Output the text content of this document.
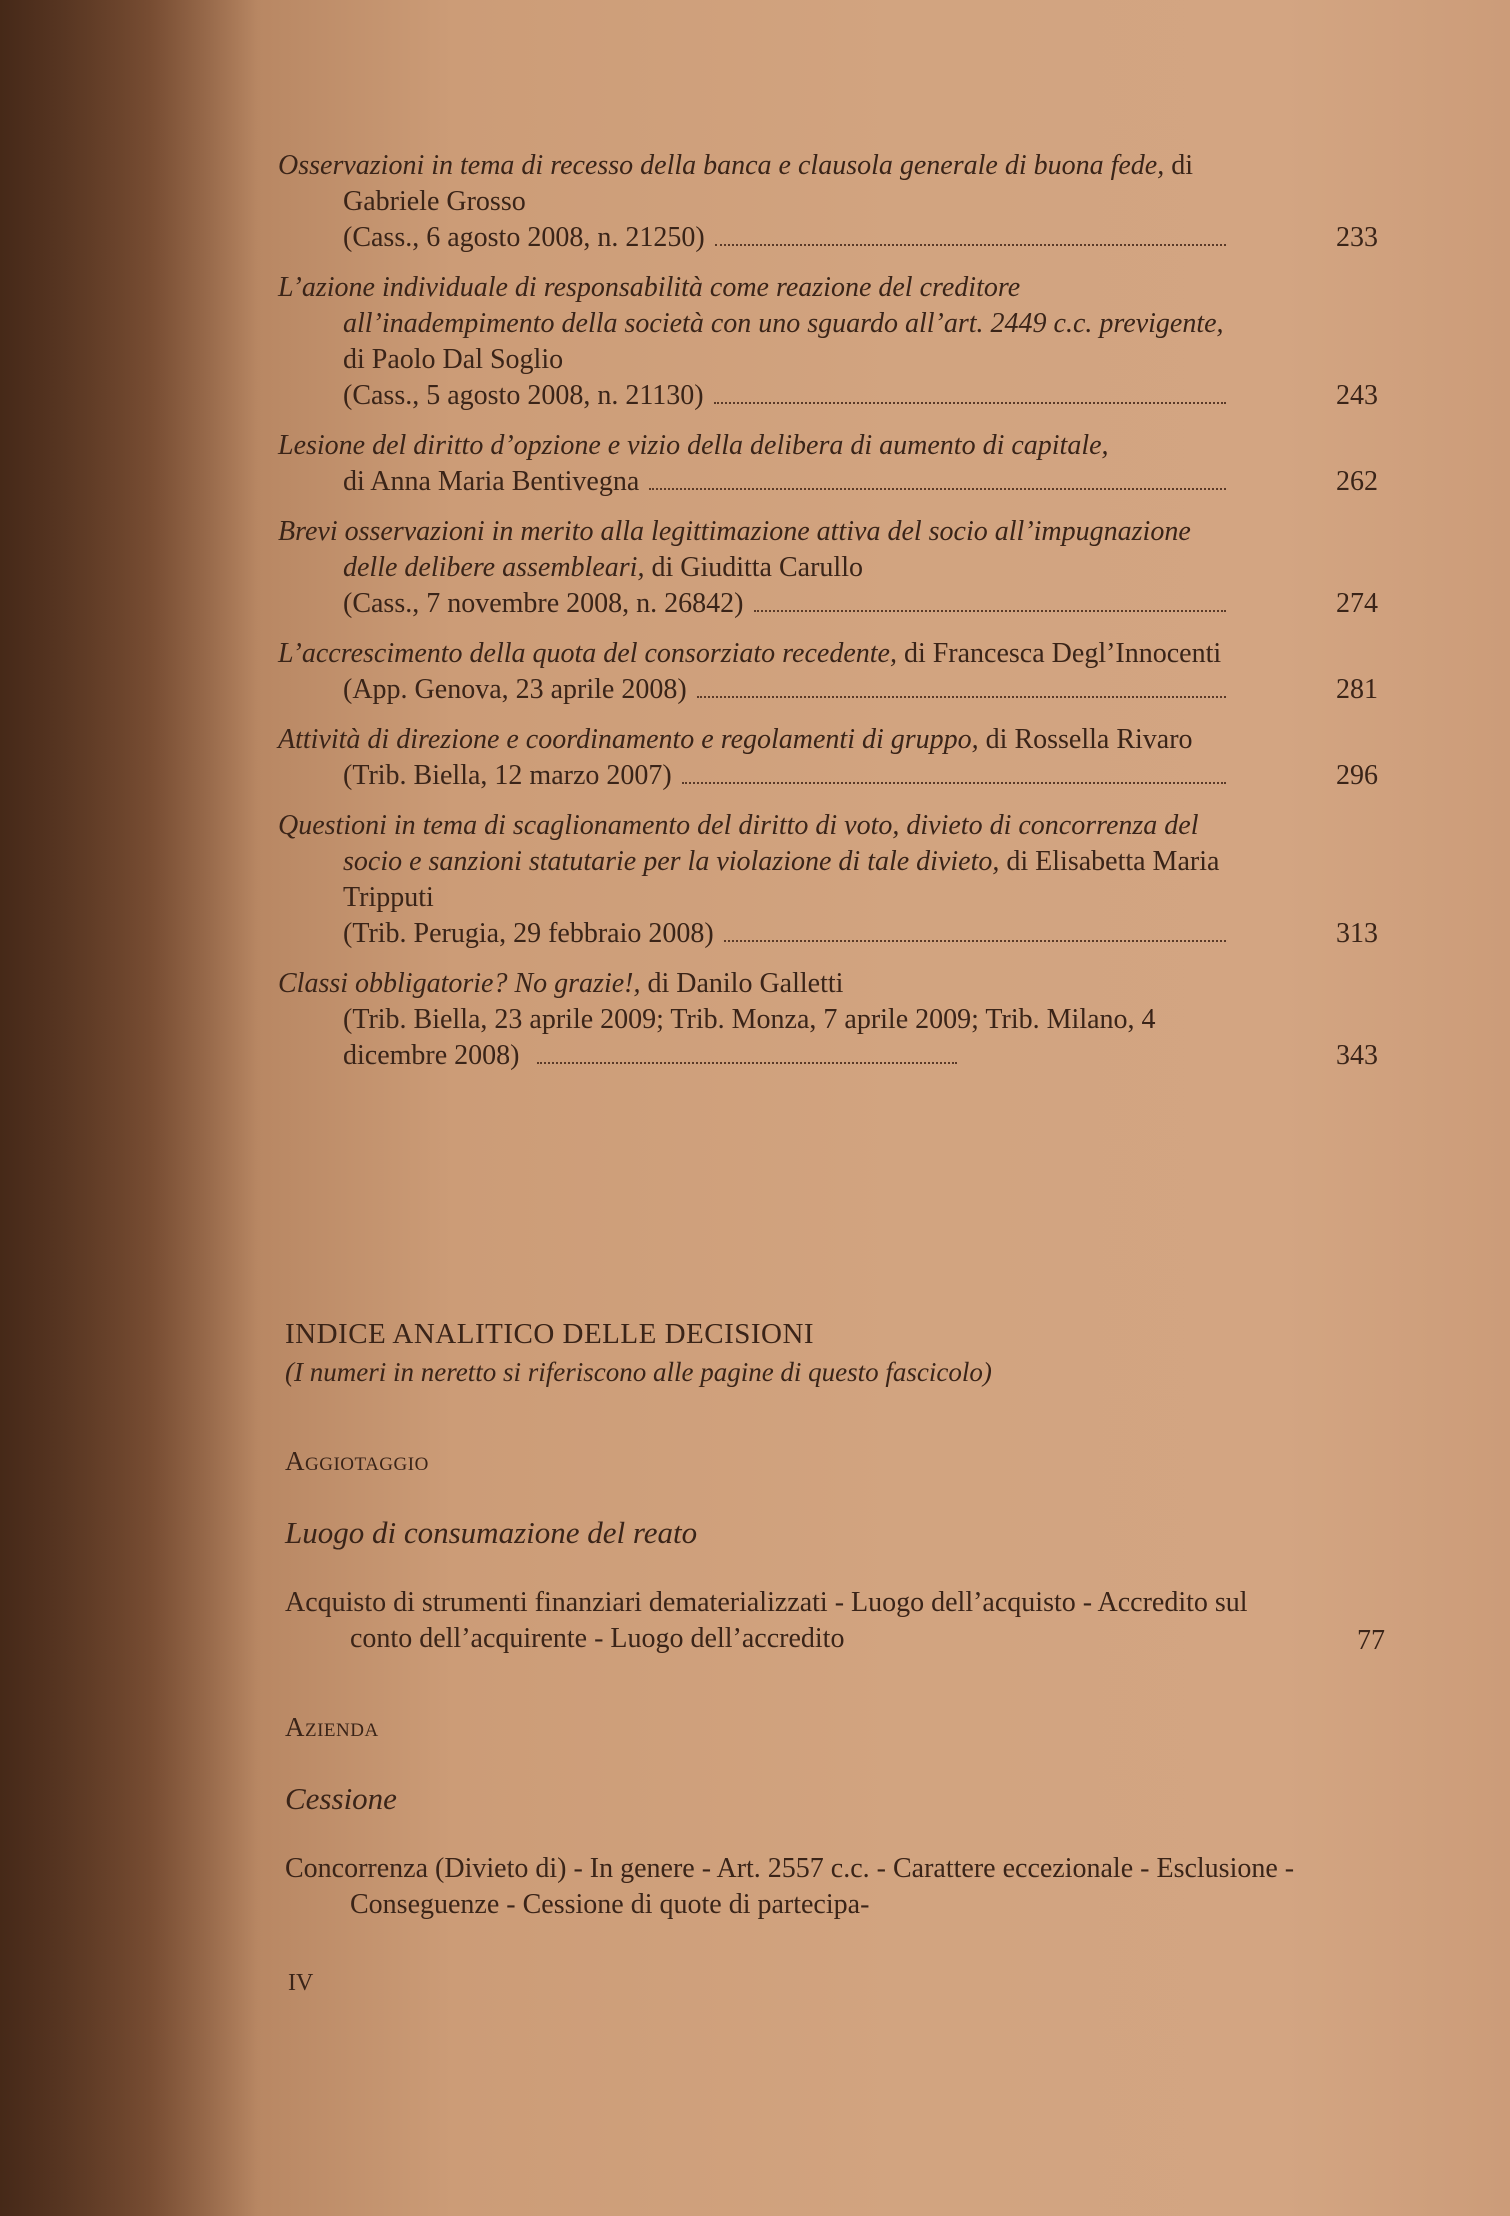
Osservazioni in tema di recesso della banca e clausola generale di buona fede, di Gabriele Grosso
(Cass., 6 agosto 2008, n. 21250)	233
L’azione individuale di responsabilità come reazione del creditore all’inadempimento della società con uno sguardo all’art. 2449 c.c. previgente, di Paolo Dal Soglio
(Cass., 5 agosto 2008, n. 21130)	243
Lesione del diritto d’opzione e vizio della delibera di aumento di capitale,
di Anna Maria Bentivegna	262
Brevi osservazioni in merito alla legittimazione attiva del socio all’impugnazione delle delibere assembleari, di Giuditta Carullo
(Cass., 7 novembre 2008, n. 26842)	274
L’accrescimento della quota del consorziato recedente, di Francesca Degl’Innocenti
(App. Genova, 23 aprile 2008)	281
Attività di direzione e coordinamento e regolamenti di gruppo, di Rossella Rivaro
(Trib. Biella, 12 marzo 2007)	296
Questioni in tema di scaglionamento del diritto di voto, divieto di concorrenza del socio e sanzioni statutarie per la violazione di tale divieto, di Elisabetta Maria Tripputi
(Trib. Perugia, 29 febbraio 2008)	313
Classi obbligatorie? No grazie!, di Danilo Galletti
(Trib. Biella, 23 aprile 2009; Trib. Monza, 7 aprile 2009; Trib. Milano, 4 dicembre 2008)	343
INDICE ANALITICO DELLE DECISIONI
(I numeri in neretto si riferiscono alle pagine di questo fascicolo)
Aggiotaggio
Luogo di consumazione del reato
Acquisto di strumenti finanziari dematerializzati - Luogo dell’acquisto - Accredito sul conto dell’acquirente - Luogo dell’accredito	77
Azienda
Cessione
Concorrenza (Divieto di) - In genere - Art. 2557 c.c. - Carattere eccezionale - Esclusione - Conseguenze - Cessione di quote di partecipa-
IV
